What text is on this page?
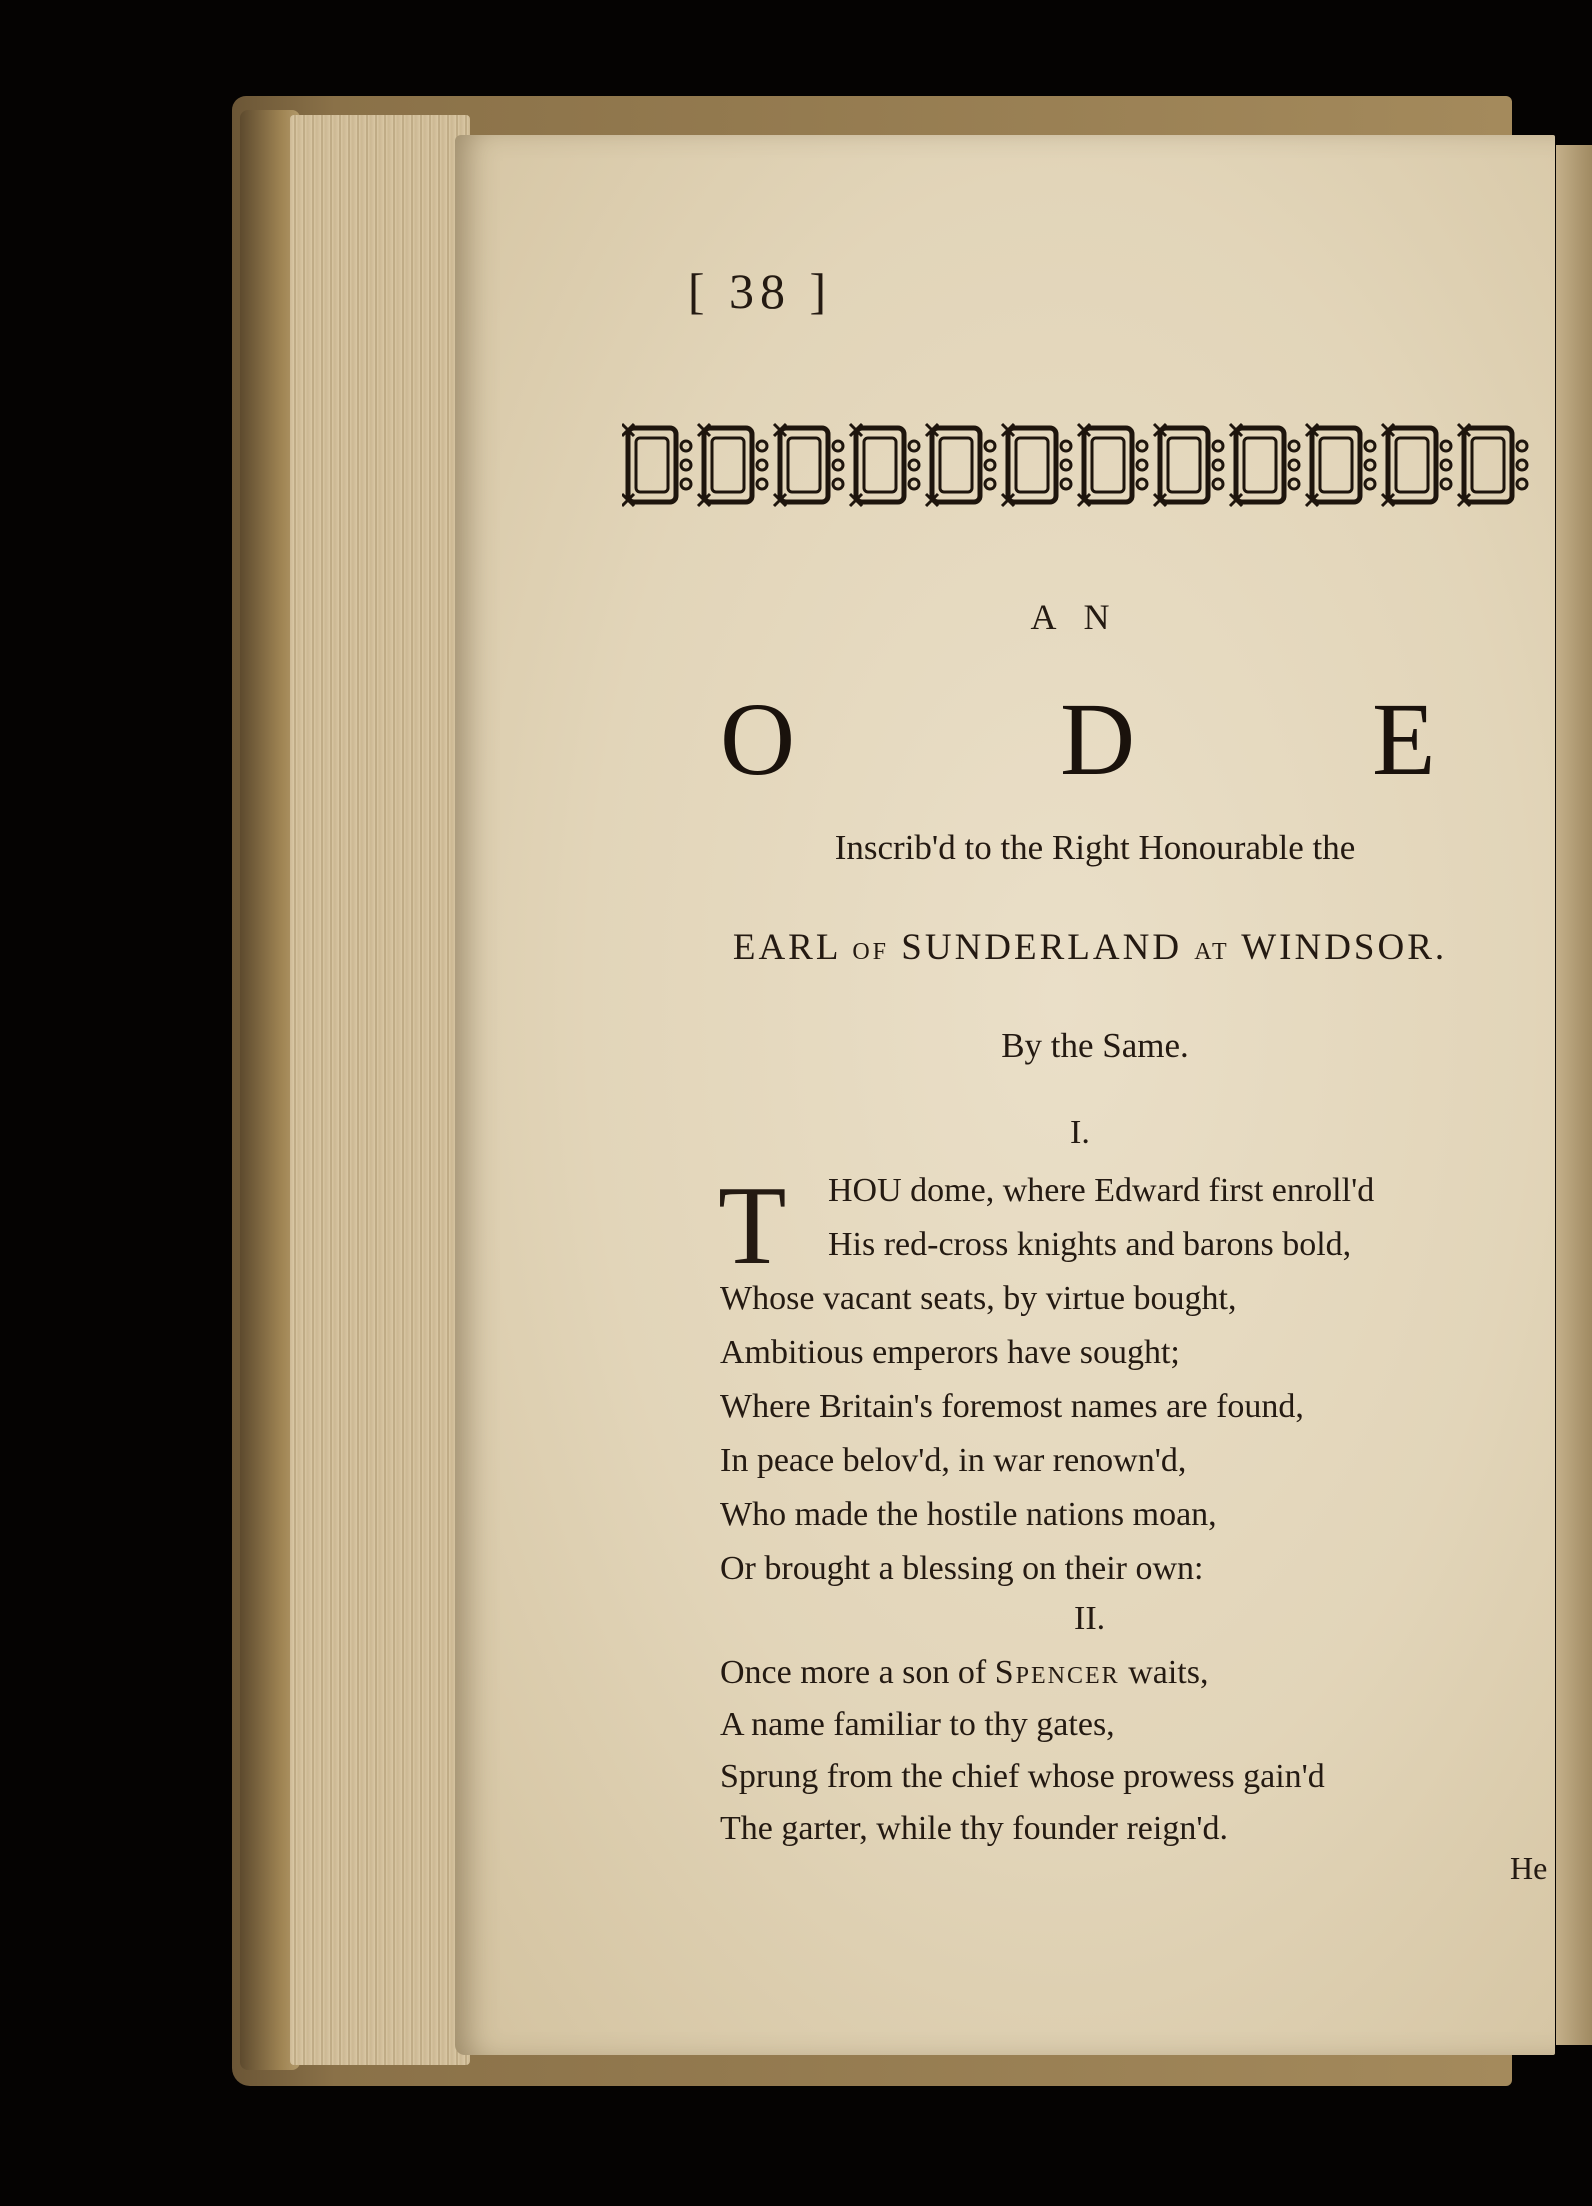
[ 38 ]
A N
O	D E
Inscrib'd to the Right Honourable the
EARL OF SUNDERLAND AT WINDSOR.
By the Same.
I.
T HOU dome, where Edward first enroll'd
His red-cross knights and barons bold,
Whose vacant seats, by virtue bought,
Ambitious emperors have sought;
Where Britain's foremost names are found,
In peace belov'd, in war renown'd,
Who made the hostile nations moan,
Or brought a blessing on their own:
II.
Once more a son of Spencer waits,
A name familiar to thy gates,
Sprung from the chief whose prowess gain'd
The garter, while thy founder reign'd.
He
